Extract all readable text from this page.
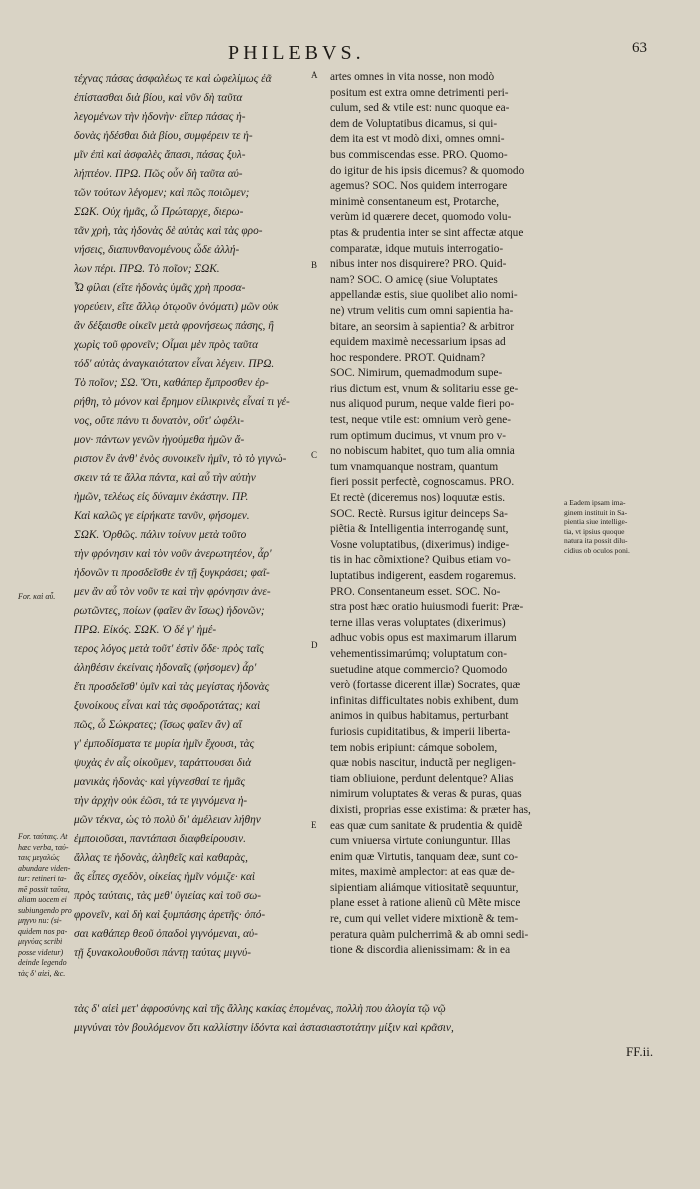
PHILEBVS.	63
τέχνας πάσας ἀσφαλέως τε καὶ ὠφελίμως ἐᾶ
ἐπίστασθαι διὰ βίου, καὶ νῦν δὴ ταῦτα
λεγομένων τὴν ἡδονὴν· εἴπερ πάσας ἡ-
δονὰς ἡδέσθαι διὰ βίου, συμφέρειν τε ἡ-
μῖν ἐπὶ καὶ ἀσφαλὲς ἅπασι, πάσας ξυλ-
λήπτέον. ΠΡΩ. Πῶς οὖν δὴ ταῦτα αὐ-
τῶν τούτων λέγομεν; καὶ πῶς ποιῶμεν;
ΣΩΚ. Οὐχ ἡμᾶς, ὦ Πρώταρχε, διερω-
τᾶν χρὴ, τὰς ἡδονὰς δὲ αὐτὰς καὶ τὰς φρο-
νήσεις, διαπυνθανομένους ὧδε ἀλλή-
λων πέρι. ΠΡΩ. Τὸ ποῖον; ΣΩΚ.
Ὦ φίλαι (εἴτε ἡδονὰς ὑμᾶς χρὴ προσα-
γορεύειν, εἴτε ἄλλῳ ὁτῳοῦν ὀνόματι) μῶν οὐκ
ἂν δέξαισθε οἰκεῖν μετὰ φρονήσεως πάσης, ἢ
χωρὶς τοῦ φρονεῖν; Οἶμαι μὲν πρὸς ταῦτα
τόδ' αὐτὰς ἀναγκαιότατον εἶναι λέγειν. ΠΡΩ.
Τὸ ποῖον; ΣΩ. Ὅτι, καθάπερ ἔμπροσθεν ἐρ-
ρήθη, τὸ μόνον καὶ ἔρημον εἰλικρινὲς εἶναί τι γέ-
νος, οὔτε πάνυ τι δυνατὸν, οὔτ' ὠφέλι-
μον· πάντων γενῶν ἡγούμεθα ἡμῶν ἄ-
ριστον ἓν ἀνθ' ἑνὸς συνοικεῖν ἡμῖν, τὸ τὸ γιγνώ-
σκειν τά τε ἄλλα πάντα, καὶ αὖ τὴν αὐτὴν
ἡμῶν, τελέως εἰς δύναμιν ἑκάστην. ΠΡ.
Καὶ καλῶς γε εἰρήκατε τανῦν, φήσομεν.
ΣΩΚ. Ὀρθῶς. πάλιν τοίνυν μετὰ τοῦτο
τὴν φρόνησιν καὶ τὸν νοῦν ἀνερωτητέον, ἆρ'
ἡδονῶν τι προσδεῖσθε ἐν τῇ ξυγκράσει; φαῖ-
μεν ἂν αὖ τὸν νοῦν τε καὶ τὴν φρόνησιν ἀνε-
ρωτῶντες, ποίων (φαῖεν ἂν ἴσως) ἡδονῶν;
ΠΡΩ. Εἰκός. ΣΩΚ. Ὁ δέ γ' ἡμέ-
τερος λόγος μετὰ τοῦτ' ἐστὶν ὅδε· πρὸς ταῖς
ἀληθέσιν ἐκείναις ἡδοναῖς (φήσομεν) ἆρ'
ἔτι προσδεῖσθ' ὑμῖν καὶ τὰς μεγίστας ἡδονὰς
ξυνοίκους εἶναι καὶ τὰς σφοδροτάτας; καὶ
πῶς, ὦ Σώκρατες; (ἴσως φαῖεν ἄν) αἵ
γ' ἐμποδίσματα τε μυρία ἡμῖν ἔχουσι, τὰς
ψυχὰς ἐν αἷς οἰκοῦμεν, ταράττουσαι διὰ
μανικὰς ἡδονὰς· καὶ γίγνεσθαί τε ἡμᾶς
τὴν ἀρχὴν οὐκ ἐῶσι, τά τε γιγνόμενα ἡ-
μῶν τέκνα, ὡς τὸ πολὺ δι' ἀμέλειαν λήθην
ἐμποιοῦσαι, παντάπασι διαφθείρουσιν.
ἄλλας τε ἡδονὰς, ἀληθεῖς καὶ καθαρὰς,
ἃς εἶπες σχεδὸν, οἰκείας ἡμῖν νόμιζε· καὶ
πρὸς ταύταις, τὰς μεθ' ὑγιείας καὶ τοῦ σω-
φρονεῖν, καὶ δὴ καὶ ξυμπάσης ἀρετῆς· ὁπό-
σαι καθάπερ θεοῦ ὀπαδοὶ γιγνόμεναι, αὐ-
τῇ ξυνακολουθοῦσι πάντῃ ταύτας μιγνύ-
A
B
C
D
E
artes omnes in vita nosse, non modò
positum est extra omne detrimenti peri-
culum, sed & vtile est: nunc quoque ea-
dem de Voluptatibus dicamus, si qui-
dem ita est vt modò dixi, omnes omni-
bus commiscendas esse. PRO. Quomo-
do igitur de his ipsis dicemus? & quomodo
agemus? SOC. Nos quidem interrogare
minimè consentaneum est, Protarche,
verùm id quærere decet, quomodo volu-
ptas & prudentia inter se sint affectæ atque
comparatæ, idque mutuis interrogatio-
nibus inter nos disquirere? PRO. Quid-
nam? SOC. O amicę (siue Voluptates
appellandæ estis, siue quolibet alio nomi-
ne) vtrum velitis cum omni sapientia ha-
bitare, an seorsim à sapientia? & arbitror
equidem maximè necessarium ipsas ad
hoc respondere. PROT. Quidnam?
SOC. Nimirum, quemadmodum supe-
rius dictum est, vnum & solitariu esse ge-
nus aliquod purum, neque valde fieri po-
test, neque vtile est: omnium verò gene-
rum optimum ducimus, vt vnum pro v-
no nobiscum habitet, quo tum alia omnia
tum vnamquanque nostram, quantum
fieri possit perfectè, cognoscamus. PRO.
Et rectè (diceremus nos) loquutæ estis.
SOC. Rectè. Rursus igitur deinceps Sa-
piẽtia & Intelligentia interrogandę sunt,
Vosne voluptatibus, (dixerimus) indige-
tis in hac cõmixtione? Quibus etiam vo-
luptatibus indigerent, easdem rogaremus.
PRO. Consentaneum esset. SOC. No-
stra post hæc oratio huiusmodi fuerit: Præ-
terne illas veras voluptates (dixerimus)
adhuc vobis opus est maximarum illarum
vehementissimarúmq; voluptatum con-
suetudine atque commercio? Quomodo
verò (fortasse dicerent illæ) Socrates, quæ
infinitas difficultates nobis exhibent, dum
animos in quibus habitamus, perturbant
furiosis cupiditatibus, & imperii liberta-
tem nobis eripiunt: cámque sobolem,
quæ nobis nascitur, inductã per negligen-
tiam obliuione, perdunt delentque? Alias
nimirum voluptates & veras & puras, quas
dixisti, proprias esse existima: & præter has,
eas quæ cum sanitate & prudentia & quidẽ
cum vniuersa virtute coniunguntur. Illas
enim quæ Virtutis, tanquam deæ, sunt co-
mites, maximè amplector: at eas quæ de-
sipientiam aliámque vitiositatẽ sequuntur,
plane esset à ratione alienũ cũ Mẽte misce
re, cum qui vellet videre mixtionẽ & tem-
peratura quàm pulcherrimã & ab omni sedi-
tione & discordia alienissimam: & in ea
For. καὶ αὖ.
For. ταύταις. At
hæc verba, ταύ-
ταις μεγαλώς
abundare viden-
tur: retineri ta-
mẽ possit ταῦτα,
aliam uocem ei
subiungendo pro
μηγνυ nu: (si-
quidem nos pa-
μιγνύας scribi
posse videtur)
deinde legendo
τὰς δ' αἰεὶ, &c.
a Eadem ipsam ima-
ginem instituit in Sa-
pientia siue intellige-
tia, vt ipsius quoque
natura ita possit dilu-
cidius ob oculos poni.
τὰς δ' αἰεὶ μετ' ἀφροσύνης καὶ τῆς ἄλλης κακίας ἑπομένας, πολλὴ που ἀλογία τῷ νῷ
μιγνύναι τὸν βουλόμενον ὅτι καλλίστην ἰδόντα καὶ ἀστασιαστοτάτην μίξιν καὶ κρᾶσιν,
FF.ii.
